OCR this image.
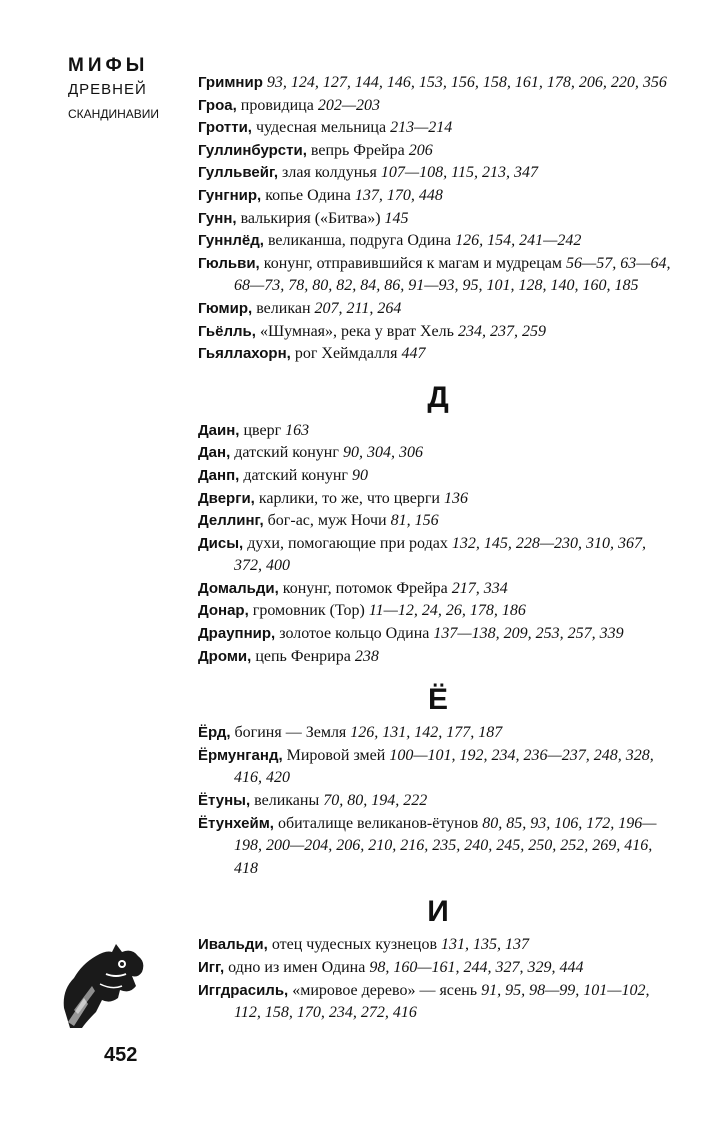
МИФЫ
ДРЕВНЕЙ
СКАНДИНАВИИ
Гримнир 93, 124, 127, 144, 146, 153, 156, 158, 161, 178, 206, 220, 356
Гроа, провидица 202—203
Гротти, чудесная мельница 213—214
Гуллинбурсти, вепрь Фрейра 206
Гулльвейг, злая колдунья 107—108, 115, 213, 347
Гунгнир, копье Одина 137, 170, 448
Гунн, валькирия («Битва») 145
Гуннлёд, великанша, подруга Одина 126, 154, 241—242
Гюльви, конунг, отправившийся к магам и мудрецам 56—57, 63—64, 68—73, 78, 80, 82, 84, 86, 91—93, 95, 101, 128, 140, 160, 185
Гюмир, великан 207, 211, 264
Гьёлль, «Шумная», река у врат Хель 234, 237, 259
Гьяллахорн, рог Хеймдалля 447
Д
Даин, цверг 163
Дан, датский конунг 90, 304, 306
Данп, датский конунг 90
Дверги, карлики, то же, что цверги 136
Деллинг, бог-ас, муж Ночи 81, 156
Дисы, духи, помогающие при родах 132, 145, 228—230, 310, 367, 372, 400
Домальди, конунг, потомок Фрейра 217, 334
Донар, громовник (Тор) 11—12, 24, 26, 178, 186
Драупнир, золотое кольцо Одина 137—138, 209, 253, 257, 339
Дроми, цепь Фенрира 238
Ё
Ёрд, богиня — Земля 126, 131, 142, 177, 187
Ёрмунганд, Мировой змей 100—101, 192, 234, 236—237, 248, 328, 416, 420
Ётуны, великаны 70, 80, 194, 222
Ётунхейм, обиталище великанов-ётунов 80, 85, 93, 106, 172, 196—198, 200—204, 206, 210, 216, 235, 240, 245, 250, 252, 269, 416, 418
И
Ивальди, отец чудесных кузнецов 131, 135, 137
Игг, одно из имен Одина 98, 160—161, 244, 327, 329, 444
Иггдрасиль, «мировое дерево» — ясень 91, 95, 98—99, 101—102, 112, 158, 170, 234, 272, 416
452
